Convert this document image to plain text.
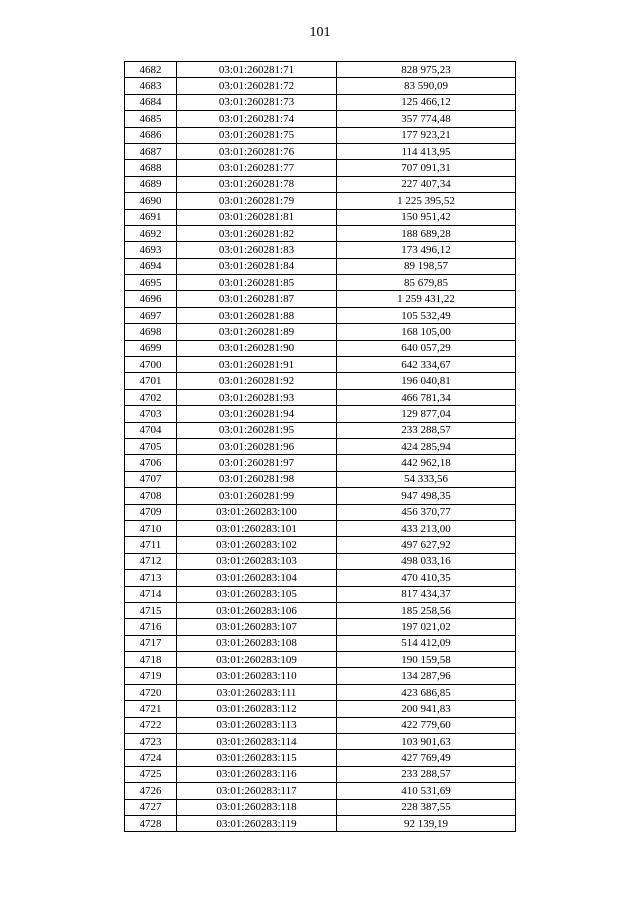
101
4682	03:01:260281:71	828 975,23
4683	03:01:260281:72	83 590,09
4684	03:01:260281:73	125 466,12
4685	03:01:260281:74	357 774,48
4686	03:01:260281:75	177 923,21
4687	03:01:260281:76	114 413,95
4688	03:01:260281:77	707 091,31
4689	03:01:260281:78	227 407,34
4690	03:01:260281:79	1 225 395,52
4691	03:01:260281:81	150 951,42
4692	03:01:260281:82	188 689,28
4693	03:01:260281:83	173 496,12
4694	03:01:260281:84	89 198,57
4695	03:01:260281:85	85 679,85
4696	03:01:260281:87	1 259 431,22
4697	03:01:260281:88	105 532,49
4698	03:01:260281:89	168 105,00
4699	03:01:260281:90	640 057,29
4700	03:01:260281:91	642 334,67
4701	03:01:260281:92	196 040,81
4702	03:01:260281:93	466 781,34
4703	03:01:260281:94	129 877,04
4704	03:01:260281:95	233 288,57
4705	03:01:260281:96	424 285,94
4706	03:01:260281:97	442 962,18
4707	03:01:260281:98	54 333,56
4708	03:01:260281:99	947 498,35
4709	03:01:260283:100	456 370,77
4710	03:01:260283:101	433 213,00
4711	03:01:260283:102	497 627,92
4712	03:01:260283:103	498 033,16
4713	03:01:260283:104	470 410,35
4714	03:01:260283:105	817 434,37
4715	03:01:260283:106	185 258,56
4716	03:01:260283:107	197 021,02
4717	03:01:260283:108	514 412,09
4718	03:01:260283:109	190 159,58
4719	03:01:260283:110	134 287,96
4720	03:01:260283:111	423 686,85
4721	03:01:260283:112	200 941,83
4722	03:01:260283:113	422 779,60
4723	03:01:260283:114	103 901,63
4724	03:01:260283:115	427 769,49
4725	03:01:260283:116	233 288,57
4726	03:01:260283:117	410 531,69
4727	03:01:260283:118	228 387,55
4728	03:01:260283:119	92 139,19
